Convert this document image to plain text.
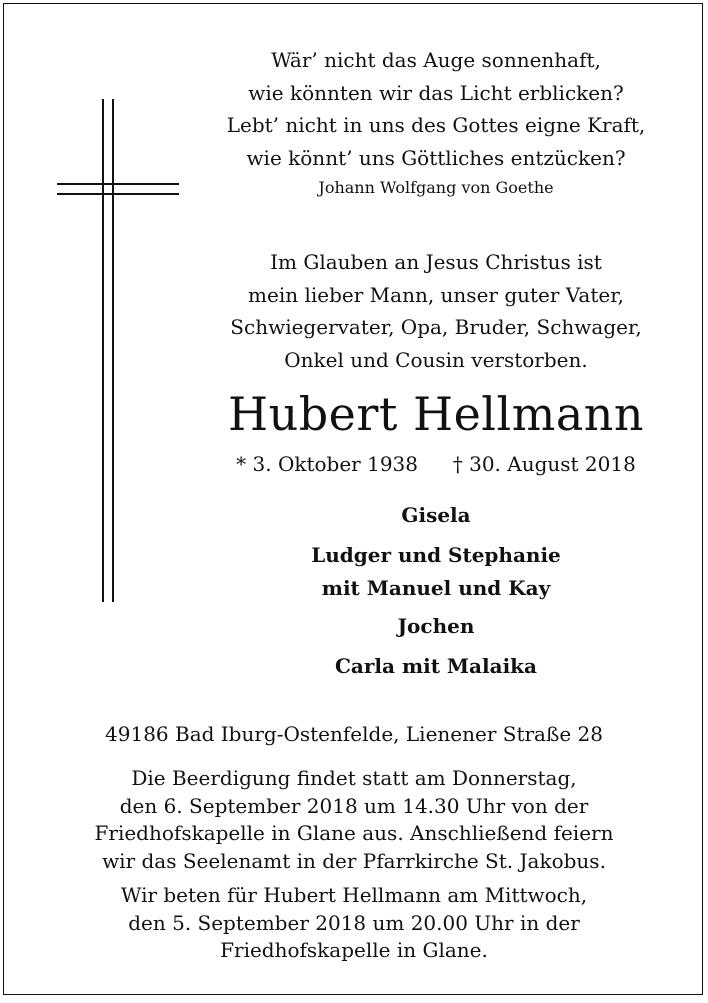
Wär’ nicht das Auge sonnenhaft,
wie könnten wir das Licht erblicken?
Lebt’ nicht in uns des Gottes eigne Kraft,
wie könnt’ uns Göttliches entzücken?
Johann Wolfgang von Goethe
Im Glauben an Jesus Christus ist
mein lieber Mann, unser guter Vater,
Schwiegervater, Opa, Bruder, Schwager,
Onkel und Cousin verstorben.
Hubert Hellmann
* 3. Oktober 1938 † 30. August 2018
Gisela
Ludger und Stephanie
mit Manuel und Kay
Jochen
Carla mit Malaika
49186 Bad Iburg-Ostenfelde, Lienener Straße 28
Die Beerdigung findet statt am Donnerstag,
den 6. September 2018 um 14.30 Uhr von der
Friedhofskapelle in Glane aus. Anschließend feiern
wir das Seelenamt in der Pfarrkirche St. Jakobus.
Wir beten für Hubert Hellmann am Mittwoch,
den 5. September 2018 um 20.00 Uhr in der
Friedhofskapelle in Glane.
